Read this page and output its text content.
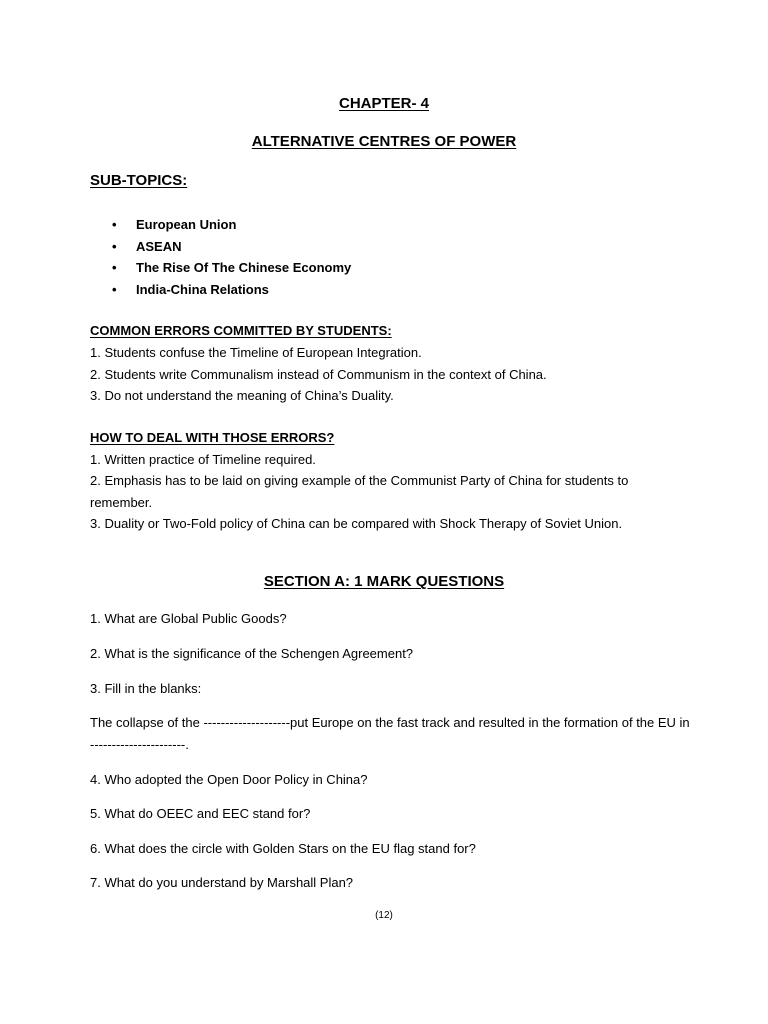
CHAPTER- 4
ALTERNATIVE CENTRES OF POWER
SUB-TOPICS:
• European Union
• ASEAN
• The Rise Of The Chinese Economy
• India-China Relations
COMMON ERRORS COMMITTED BY STUDENTS:
1. Students confuse the Timeline of European Integration.
2. Students write Communalism instead of Communism in the context of China.
3. Do not understand the meaning of China’s Duality.
HOW TO DEAL WITH THOSE ERRORS?
1. Written practice of Timeline required.
2. Emphasis has to be laid on giving example of the Communist Party of China for students to remember.
3. Duality or Two-Fold policy of China can be compared with Shock Therapy of Soviet Union.
SECTION A: 1 MARK QUESTIONS
1. What are Global Public Goods?
2. What is the significance of the Schengen Agreement?
3. Fill in the blanks:
The collapse of the --------------------put Europe on the fast track and resulted in the formation of the EU in ----------------------.
4. Who adopted the Open Door Policy in China?
5. What do OEEC and EEC stand for?
6. What does the circle with Golden Stars on the EU flag stand for?
7. What do you understand by Marshall Plan?
(12)
